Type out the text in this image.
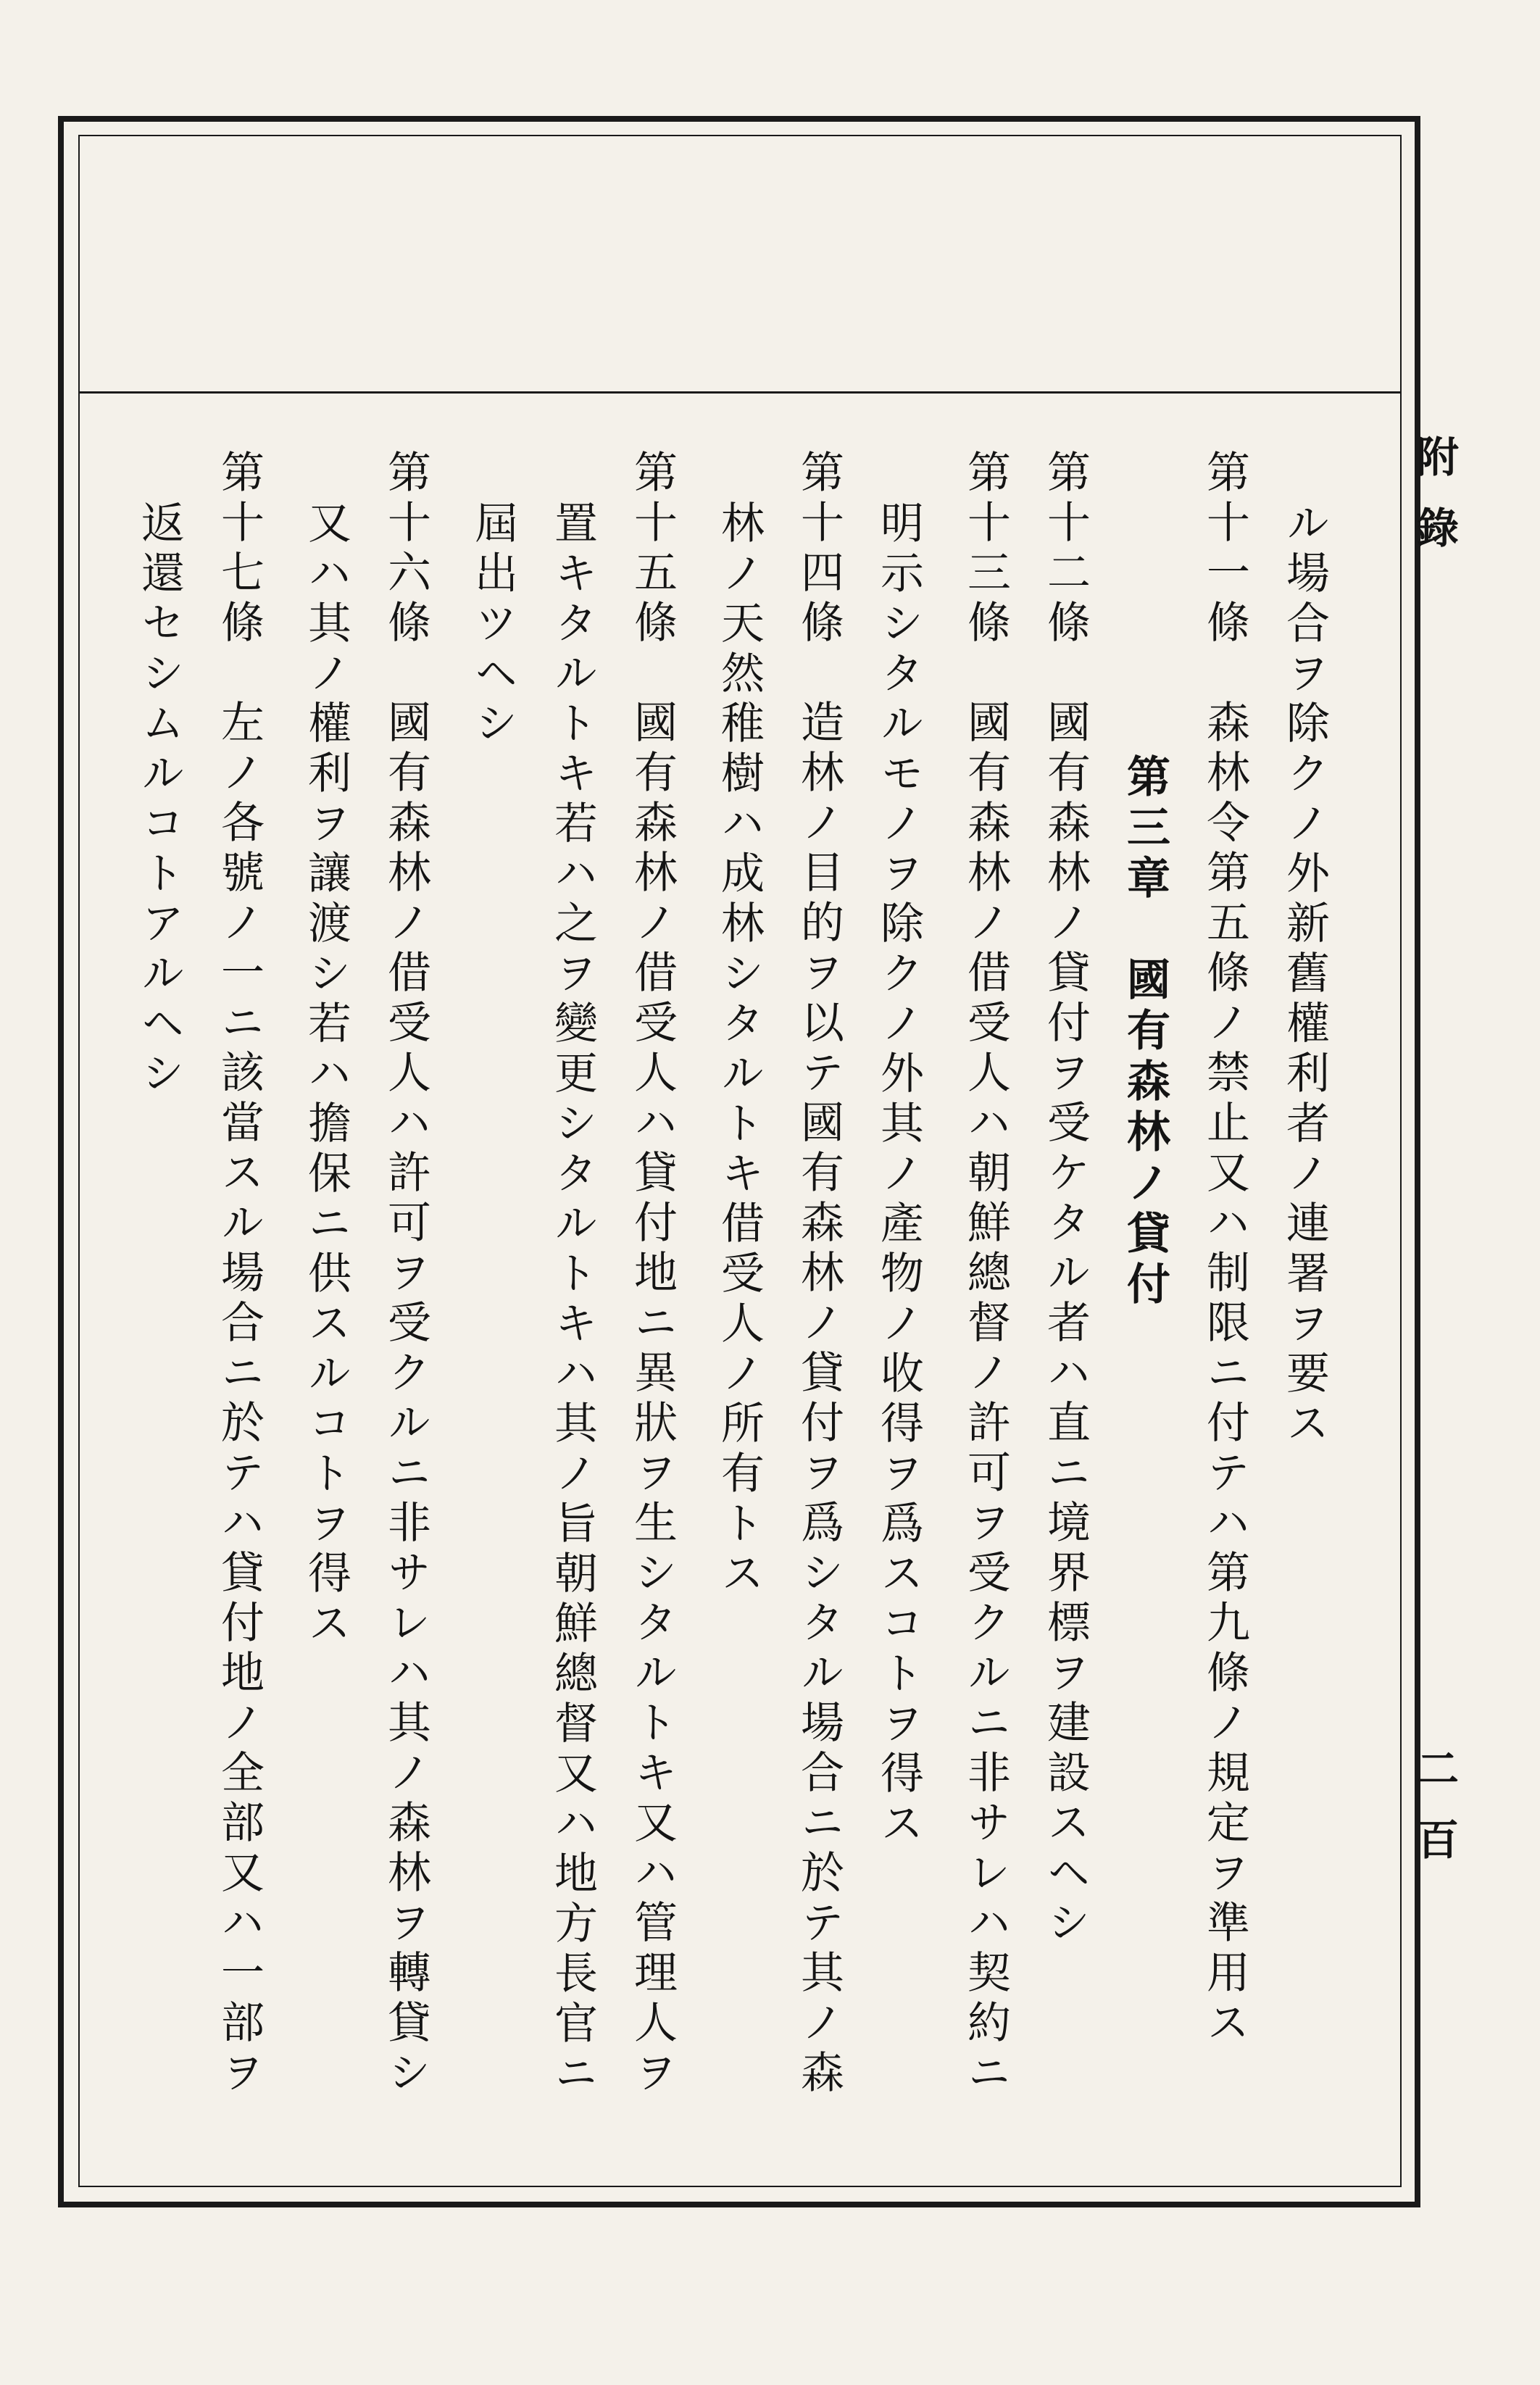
附錄
二百
ル場合ヲ除クノ外新舊權利者ノ連署ヲ要ス
第十一條　森林令第五條ノ禁止又ハ制限ニ付テハ第九條ノ規定ヲ準用ス
第三章　國有森林ノ貸付
第十二條　國有森林ノ貸付ヲ受ケタル者ハ直ニ境界標ヲ建設スヘシ
第十三條　國有森林ノ借受人ハ朝鮮總督ノ許可ヲ受クルニ非サレハ契約ニ
明示シタルモノヲ除クノ外其ノ產物ノ收得ヲ爲スコトヲ得ス
第十四條　造林ノ目的ヲ以テ國有森林ノ貸付ヲ爲シタル場合ニ於テ其ノ森
林ノ天然稚樹ハ成林シタルトキ借受人ノ所有トス
第十五條　國有森林ノ借受人ハ貸付地ニ異狀ヲ生シタルトキ又ハ管理人ヲ
置キタルトキ若ハ之ヲ變更シタルトキハ其ノ旨朝鮮總督又ハ地方長官ニ
屆出ツヘシ
第十六條　國有森林ノ借受人ハ許可ヲ受クルニ非サレハ其ノ森林ヲ轉貸シ
又ハ其ノ權利ヲ讓渡シ若ハ擔保ニ供スルコトヲ得ス
第十七條　左ノ各號ノ一ニ該當スル場合ニ於テハ貸付地ノ全部又ハ一部ヲ
返還セシムルコトアルヘシ
